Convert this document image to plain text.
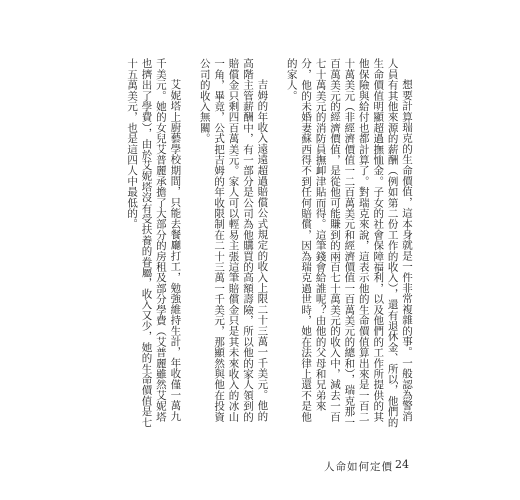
想要計算瑞克的生命價值，這本身就是一件非常複雜的事。一般認為警消人員有其他來源的薪酬（例如第二份工作的收入），還有退休金、所以，他們的生命價值明顯超過撫恤金。子女的社會保障福利，以及他們的工作所提供的其他保險與給付也都計算了。對瑞克來說，這表示他的生命價值算出來是一百二十萬美元（非經濟價值一二百萬美元和經濟價值一百萬美元的總和），瑞克那一百萬美元的經濟價值，是從他可能賺到的兩百七十萬美元的收入中，減去一百七十萬美元的消防員撫卹津貼而得。這筆錢會給誰呢？由他的父母和兄弟來分，他的未婚妻蘇西得不到任何賠償，因為瑞克過世時，她在法律上還不是他的家人。

吉姆的年收入遠遠超過賠償公式規定的收入上限二十三萬一千美元。他的高階主管薪酬中，有一部分是公司為他購買的高額壽險，所以他的家人領到的賠償金只剩四百萬美元。家人可以輕易主張這筆賠償金只是其未來收入的冰山一角，畢竟，公式把吉姆的年收限制在二十三萬一千美元，那顯然與他在投資公司的收入無關。

艾妮塔上廚藝學校期間，只能去餐廳打工，勉強維持生計，年收僅一萬九千美元。她的女兒艾普麗承擔了大部分的房租及部分學費（艾普麗雖然艾妮塔也擠出了學費），由於艾妮塔沒有受扶養的眷屬，收入又少，她的生命價值是七十五萬美元，也是這四人中最低的。

人命如何定價 24
